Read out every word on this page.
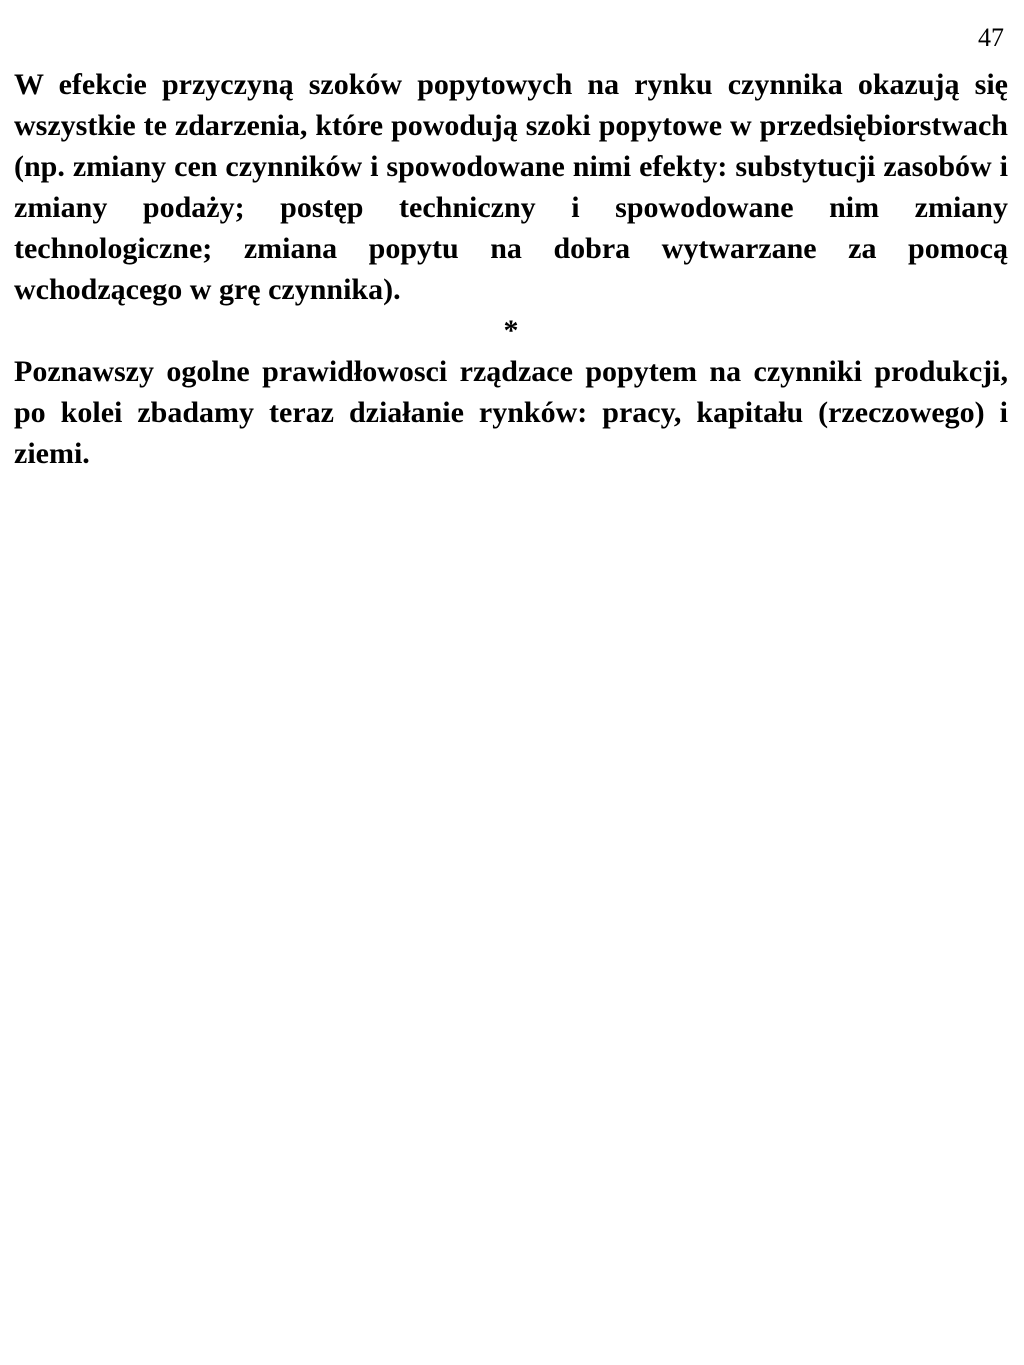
47

W efekcie przyczyną szoków popytowych na rynku czynnika okazują się wszystkie te zdarzenia, które powodują szoki popytowe w przedsiębiorstwach (np. zmiany cen czynników i spowodowane nimi efekty: substytucji zasobów i zmiany podaży; postęp techniczny i spowodowane nim zmiany technologiczne; zmiana popytu na dobra wytwarzane za pomocą wchodzącego w grę czynnika).

*

Poznawszy ogolne prawidłowosci rządzace popytem na czynniki produkcji, po kolei zbadamy teraz działanie rynków: pracy, kapitału (rzeczowego) i ziemi.
